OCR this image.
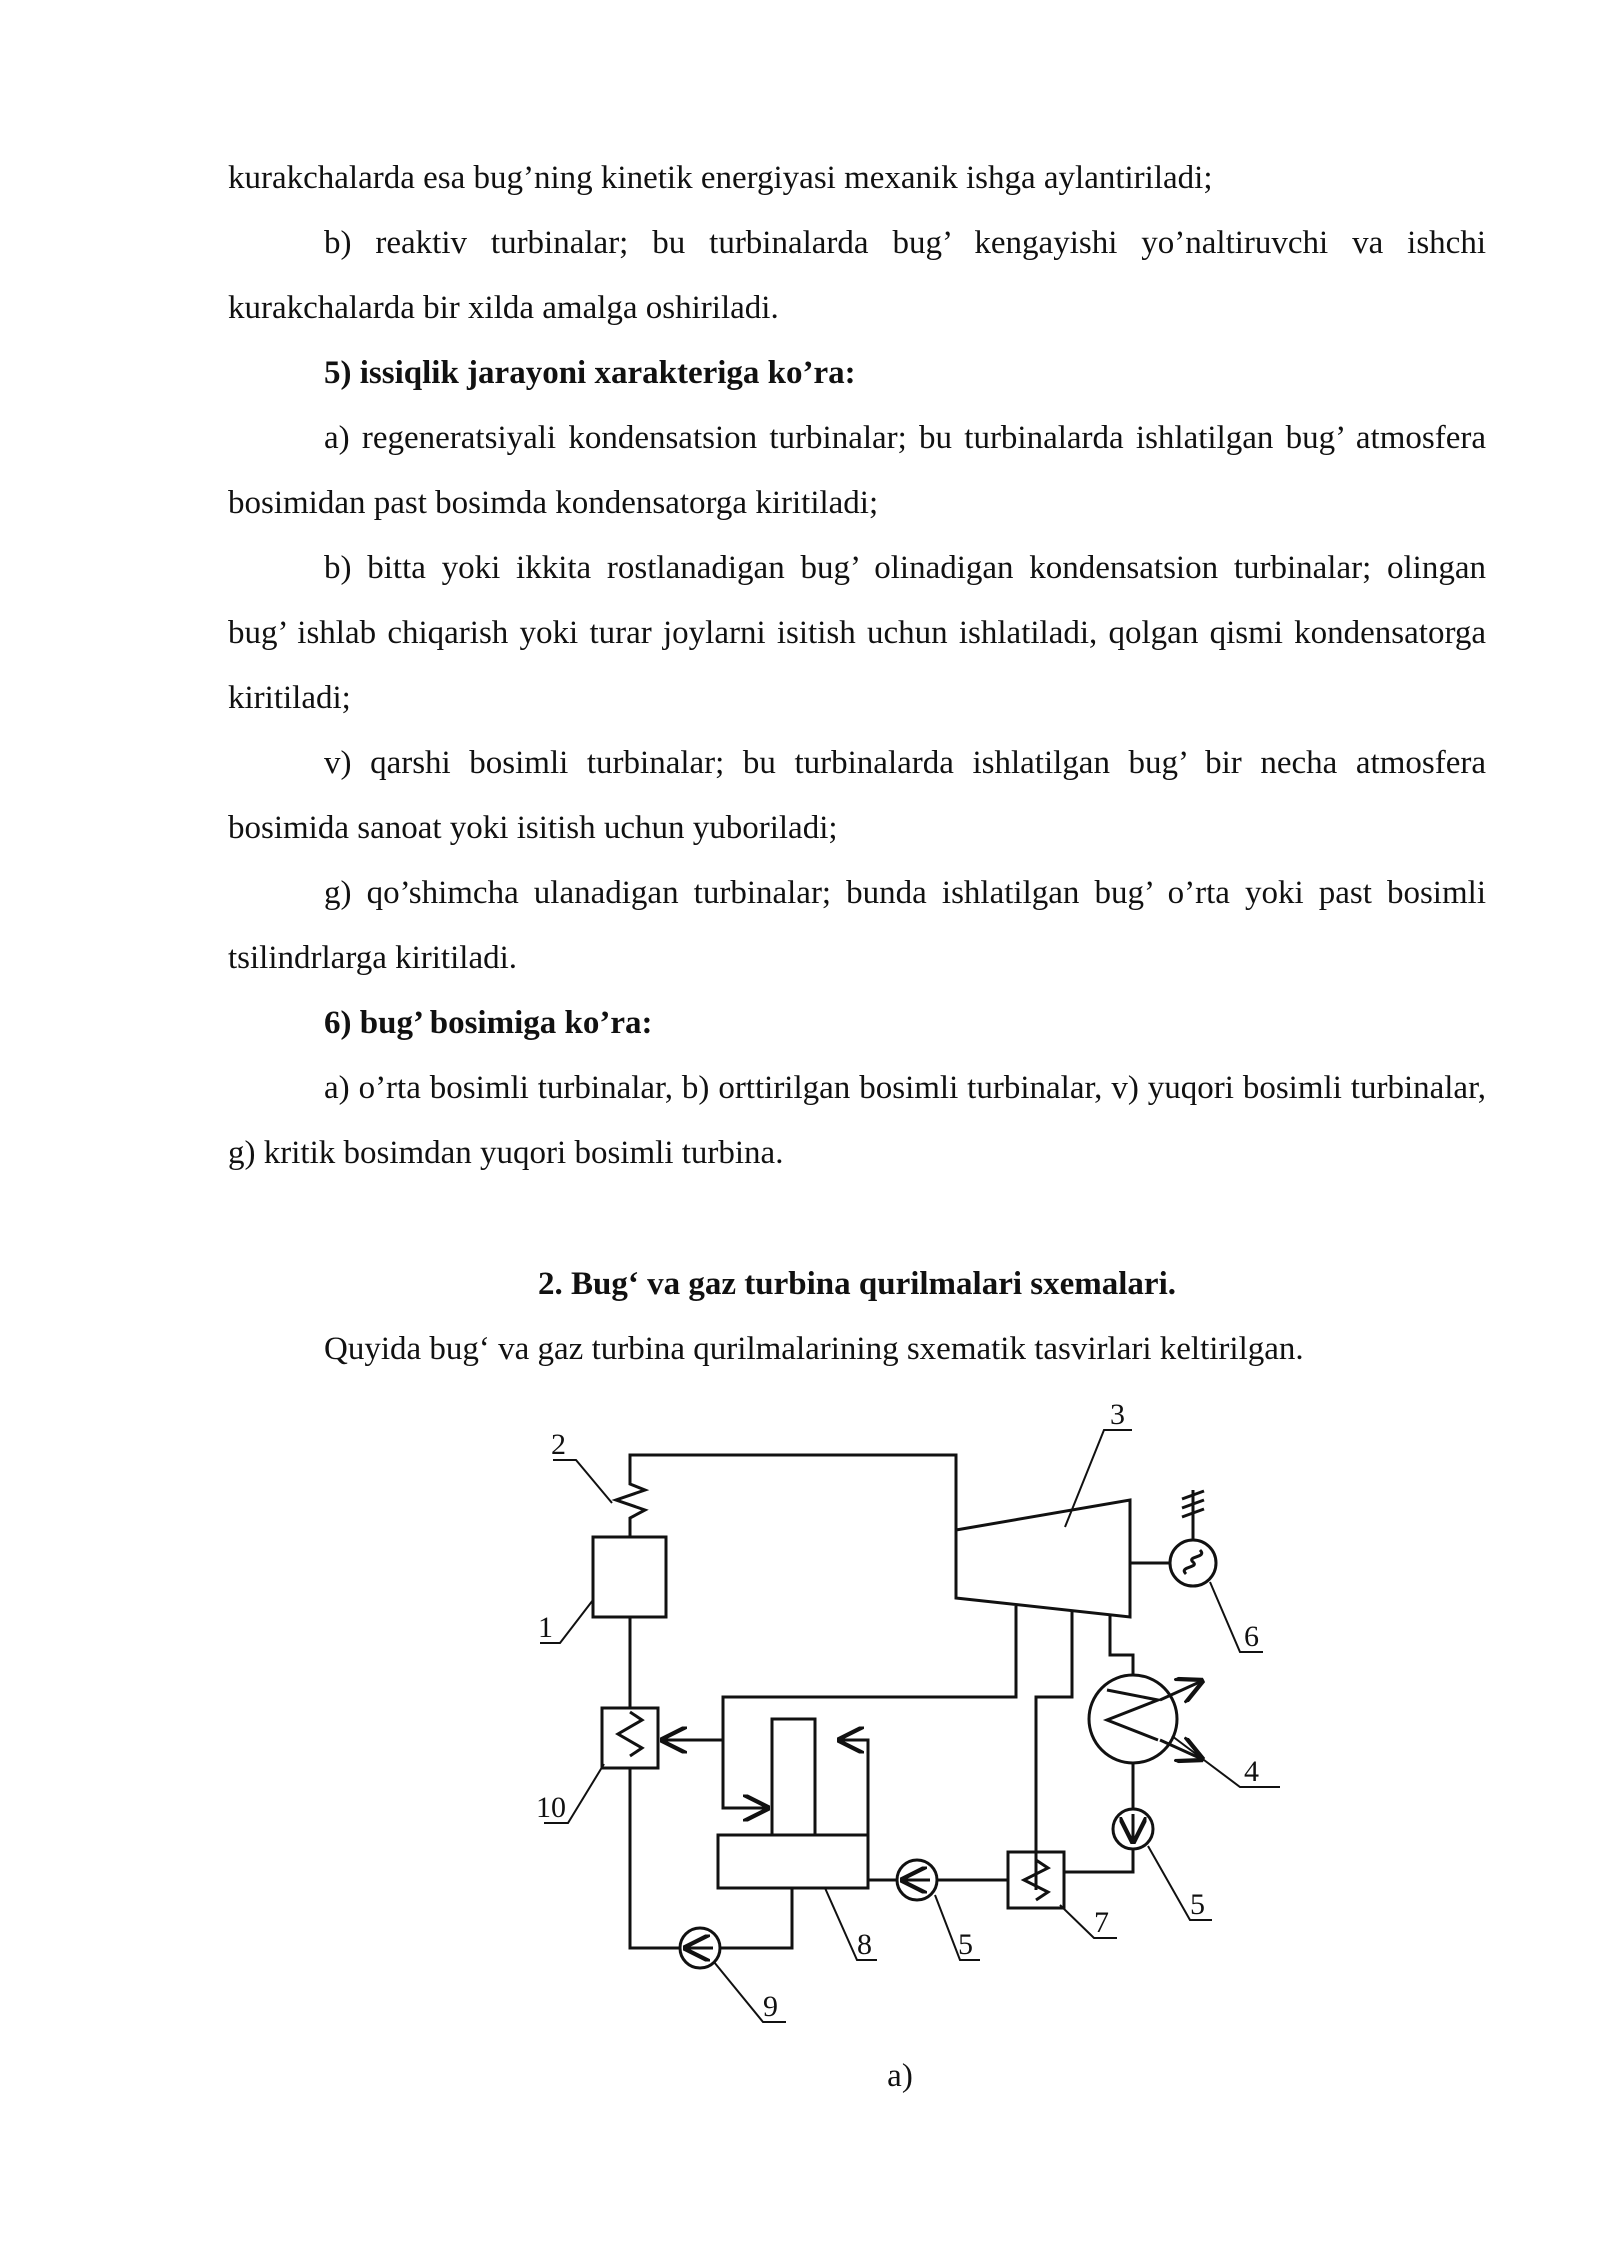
kurakchalarda esa bug’ning kinetik energiyasi mexanik ishga aylantiriladi;

b) reaktiv turbinalar; bu turbinalarda bug’ kengayishi yo’naltiruvchi va ishchi kurakchalarda bir xilda amalga oshiriladi.

5) issiqlik jarayoni xarakteriga ko’ra:

a) regeneratsiyali kondensatsion turbinalar; bu turbinalarda ishlatilgan bug’ atmosfera bosimidan past bosimda kondensatorga kiritiladi;

b) bitta yoki ikkita rostlanadigan bug’ olinadigan kondensatsion turbinalar; olingan bug’ ishlab chiqarish yoki turar joylarni isitish uchun ishlatiladi, qolgan qismi kondensatorga kiritiladi;

v) qarshi bosimli turbinalar; bu turbinalarda ishlatilgan bug’ bir necha atmosfera bosimida sanoat yoki isitish uchun yuboriladi;

g) qo’shimcha ulanadigan turbinalar; bunda ishlatilgan bug’ o’rta yoki past bosimli tsilindrlarga kiritiladi.

6) bug’ bosimiga ko’ra:

a) o’rta bosimli turbinalar, b) orttirilgan bosimli turbinalar, v) yuqori bosimli turbinalar, g) kritik bosimdan yuqori bosimli turbina.

2. Bug‘ va gaz turbina qurilmalari sxemalari.
Quyida bug‘ va gaz turbina qurilmalarining sxematik tasvirlari keltirilgan.
1
2
3
4
5
5
6
7
8
9
10
a)
